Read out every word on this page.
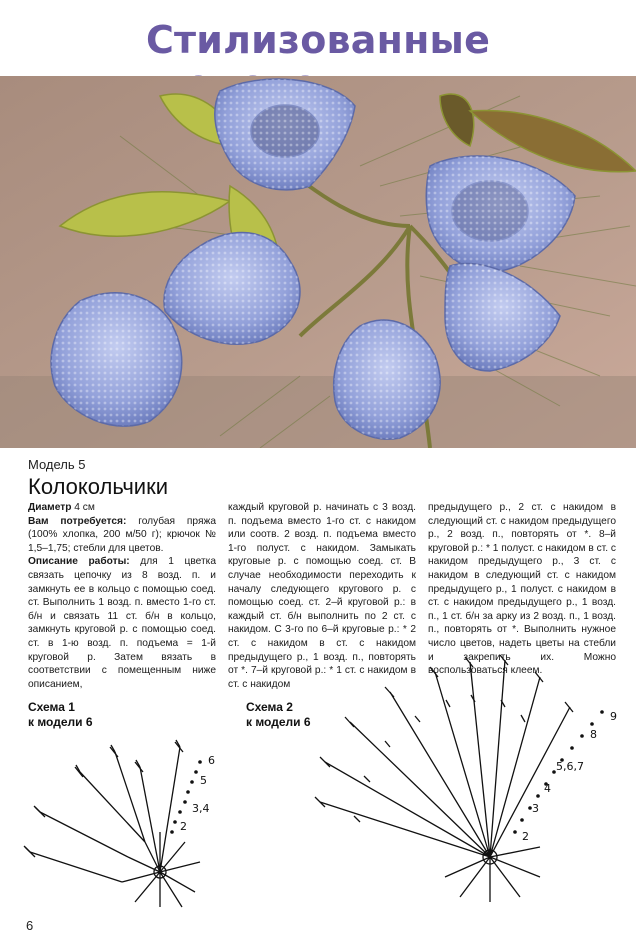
Стилизованные
Модель 5
Колокольчики
Диаметр 4 см
Вам потребуется: голубая пряжа (100% хлопка, 200 м/50 г); крючок № 1,5–1,75; стебли для цветов.
Описание работы: для 1 цветка связать цепочку из 8 возд. п. и замкнуть ее в кольцо с помощью соед. ст. Выполнить 1 возд. п. вместо 1-го ст. б/н и связать 11 ст. б/н в кольцо, замкнуть круговой р. с помощью соед. ст. в 1-ю возд. п. подъема = 1-й круговой р. Затем вязать в соответствии с помещенным ниже описанием,
каждый круговой р. начинать с 3 возд. п. подъема вместо 1-го ст. с накидом или соотв. 2 возд. п. подъема вместо 1-го полуст. с накидом. Замыкать круговые р. с помощью соед. ст. В случае необходимости переходить к началу следующего кругового р. с помощью соед. ст. 2–й круговой р.: в каждый ст. б/н выполнить по 2 ст. с накидом. С 3-го по 6–й круговые р.: * 2 ст. с накидом в ст. с накидом предыдущего р., 1 возд. п., повторять от *. 7–й круговой р.: * 1 ст. с накидом в ст. с накидом
предыдущего р., 2 ст. с накидом в следующий ст. с накидом предыдущего р., 2 возд. п., повторять от *. 8–й круговой р.: * 1 полуст. с накидом в ст. с накидом предыдущего р., 3 ст. с накидом в следующий ст. с накидом предыдущего р., 1 полуст. с накидом в ст. с накидом предыдущего р., 1 возд. п., 1 ст. б/н за арку из 2 возд. п., 1 возд. п., повторять от *. Выполнить нужное число цветов, надеть цветы на стебли и закрепить их. Можно воспользоваться клеем.
Схема 1
к модели 6
Схема 2
к модели 6
2
3,4
5
6
2
3
4
5,6,7
8
9
6
